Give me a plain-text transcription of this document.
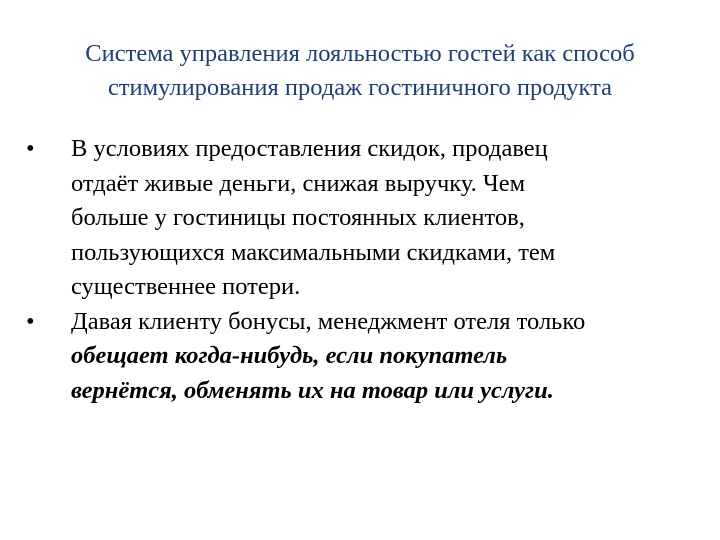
Система управления лояльностью гостей как способ
стимулирования продаж гостиничного продукта
•	В условиях предоставления скидок, продавец
отдаёт живые деньги, снижая выручку. Чем
больше у гостиницы постоянных клиентов,
пользующихся максимальными скидками, тем
существеннее потери.
•	Давая клиенту бонусы, менеджмент отеля только
обещает когда-нибудь, если покупатель
вернётся, обменять их на товар или услуги.
